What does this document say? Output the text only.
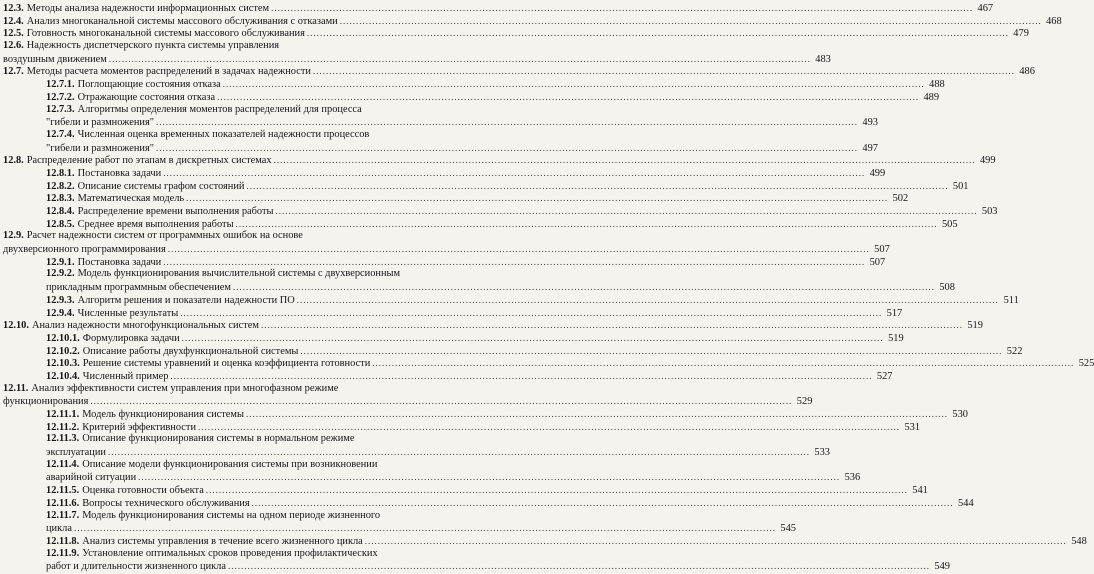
12.3. Методы анализа надежности информационных систем .....	467
12.4. Анализ многоканальной системы массового обслуживания с отказами .....	468
12.5. Готовность многоканальной системы массового обслуживания .....	479
12.6. Надежность диспетчерского пункта системы управления
воздушным движением .....	483
12.7. Методы расчета моментов распределений в задачах надежности .....	486
12.7.1. Поглощающие состояния отказа .....	488
12.7.2. Отражающие состояния отказа .....	489
12.7.3. Алгоритмы определения моментов распределений для процесса
"гибели и размножения" .....	493
12.7.4. Численная оценка временных показателей надежности процессов
"гибели и размножения" .....	497
12.8. Распределение работ по этапам в дискретных системах .....	499
12.8.1. Постановка задачи .....	499
12.8.2. Описание системы графом состояний .....	501
12.8.3. Математическая модель .....	502
12.8.4. Распределение времени выполнения работы .....	503
12.8.5. Среднее время выполнения работы .....	505
12.9. Расчет надежности систем от программных ошибок на основе
двухверсионного программирования .....	507
12.9.1. Постановка задачи .....	507
12.9.2. Модель функционирования вычислительной системы с двухверсионным
прикладным программным обеспечением .....	508
12.9.3. Алгоритм решения и показатели надежности ПО .....	511
12.9.4. Численные результаты .....	517
12.10. Анализ надежности многофункциональных систем .....	519
12.10.1. Формулировка задачи .....	519
12.10.2. Описание работы двухфункциональной системы .....	522
12.10.3. Решение системы уравнений и оценка коэффициента готовности .....	525
12.10.4. Численный пример .....	527
12.11. Анализ эффективности систем управления при многофазном режиме
функционирования .....	529
12.11.1. Модель функционирования системы .....	530
12.11.2. Критерий эффективности .....	531
12.11.3. Описание функционирования системы в нормальном режиме
эксплуатации .....	533
12.11.4. Описание модели функционирования системы при возникновении
аварийной ситуации .....	536
12.11.5. Оценка готовности объекта .....	541
12.11.6. Вопросы технического обслуживания .....	544
12.11.7. Модель функционирования системы на одном периоде жизненного
цикла .....	545
12.11.8. Анализ системы управления в течение всего жизненного цикла .....	548
12.11.9. Установление оптимальных сроков проведения профилактических
работ и длительности жизненного цикла .....	549
